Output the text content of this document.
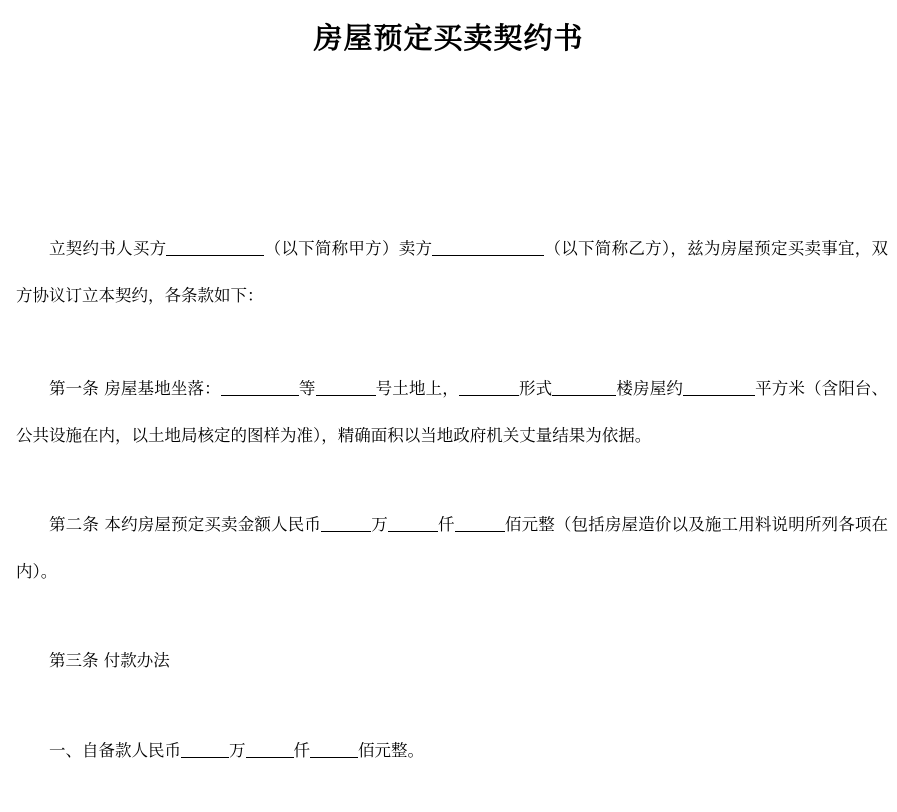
房屋预定买卖契约书

立契约书人买方	（以下简称甲方）卖方	（以下简称乙方），兹为房屋预定买卖事宜，双方协议订立本契约，各条款如下：

第一条 房屋基地坐落：	等	号土地上，	形式	楼房屋约	平方米（含阳台、公共设施在内，以土地局核定的图样为准），精确面积以当地政府机关丈量结果为依据。

第二条 本约房屋预定买卖金额人民币	万	仟	佰元整（包括房屋造价以及施工用料说明所列各项在内）。

第三条 付款办法

一、自备款人民币	万	仟	佰元整。
